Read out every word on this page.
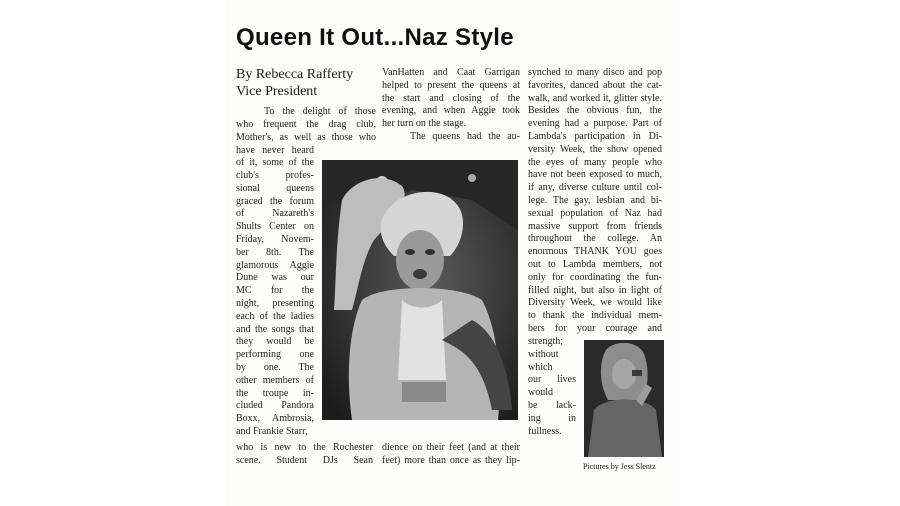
Queen It Out...Naz Style
By Rebecca Rafferty
Vice President
To the delight of those
who frequent the drag club,
Mother's, as well as those who
have never heard
of it, some of the
club's profes-
sional queens
graced the forum
of Nazareth's
Shults Center on
Friday, Novem-
ber 8th. The
glamorous Aggie
Dune was our
MC for the
night, presenting
each of the ladies
and the songs that
they would be
performing one
by one. The
other members of
the troupe in-
cluded Pandora
Boxx, Ambrosia,
and Frankie Starr,
who is new to the Rochester
scene. Student DJs Sean
VanHatten and Caat Garrigan
helped to present the queens at
the start and closing of the
evening, and when Aggie took
her turn on the stage.
The queens had the au-
dience on their feet (and at their
feet) more than once as they lip-
synched to many disco and pop
favorites, danced about the cat-
walk, and worked it, glitter style.
Besides the obvious fun, the
evening had a purpose. Part of
Lambda's participation in Di-
versity Week, the show opened
the eyes of many people who
have not been exposed to much,
if any, diverse culture until col-
lege. The gay, lesbian and bi-
sexual population of Naz had
massive support from friends
throughout the college. An
enormous THANK YOU goes
out to Lambda members, not
only for coordinating the fun-
filled night, but also in light of
Diversity Week, we would like
to thank the individual mem-
bers for your courage and
strength;
without
which
our lives
would
be lack-
ing in
fullness.
Pictures by Jess Slentz
